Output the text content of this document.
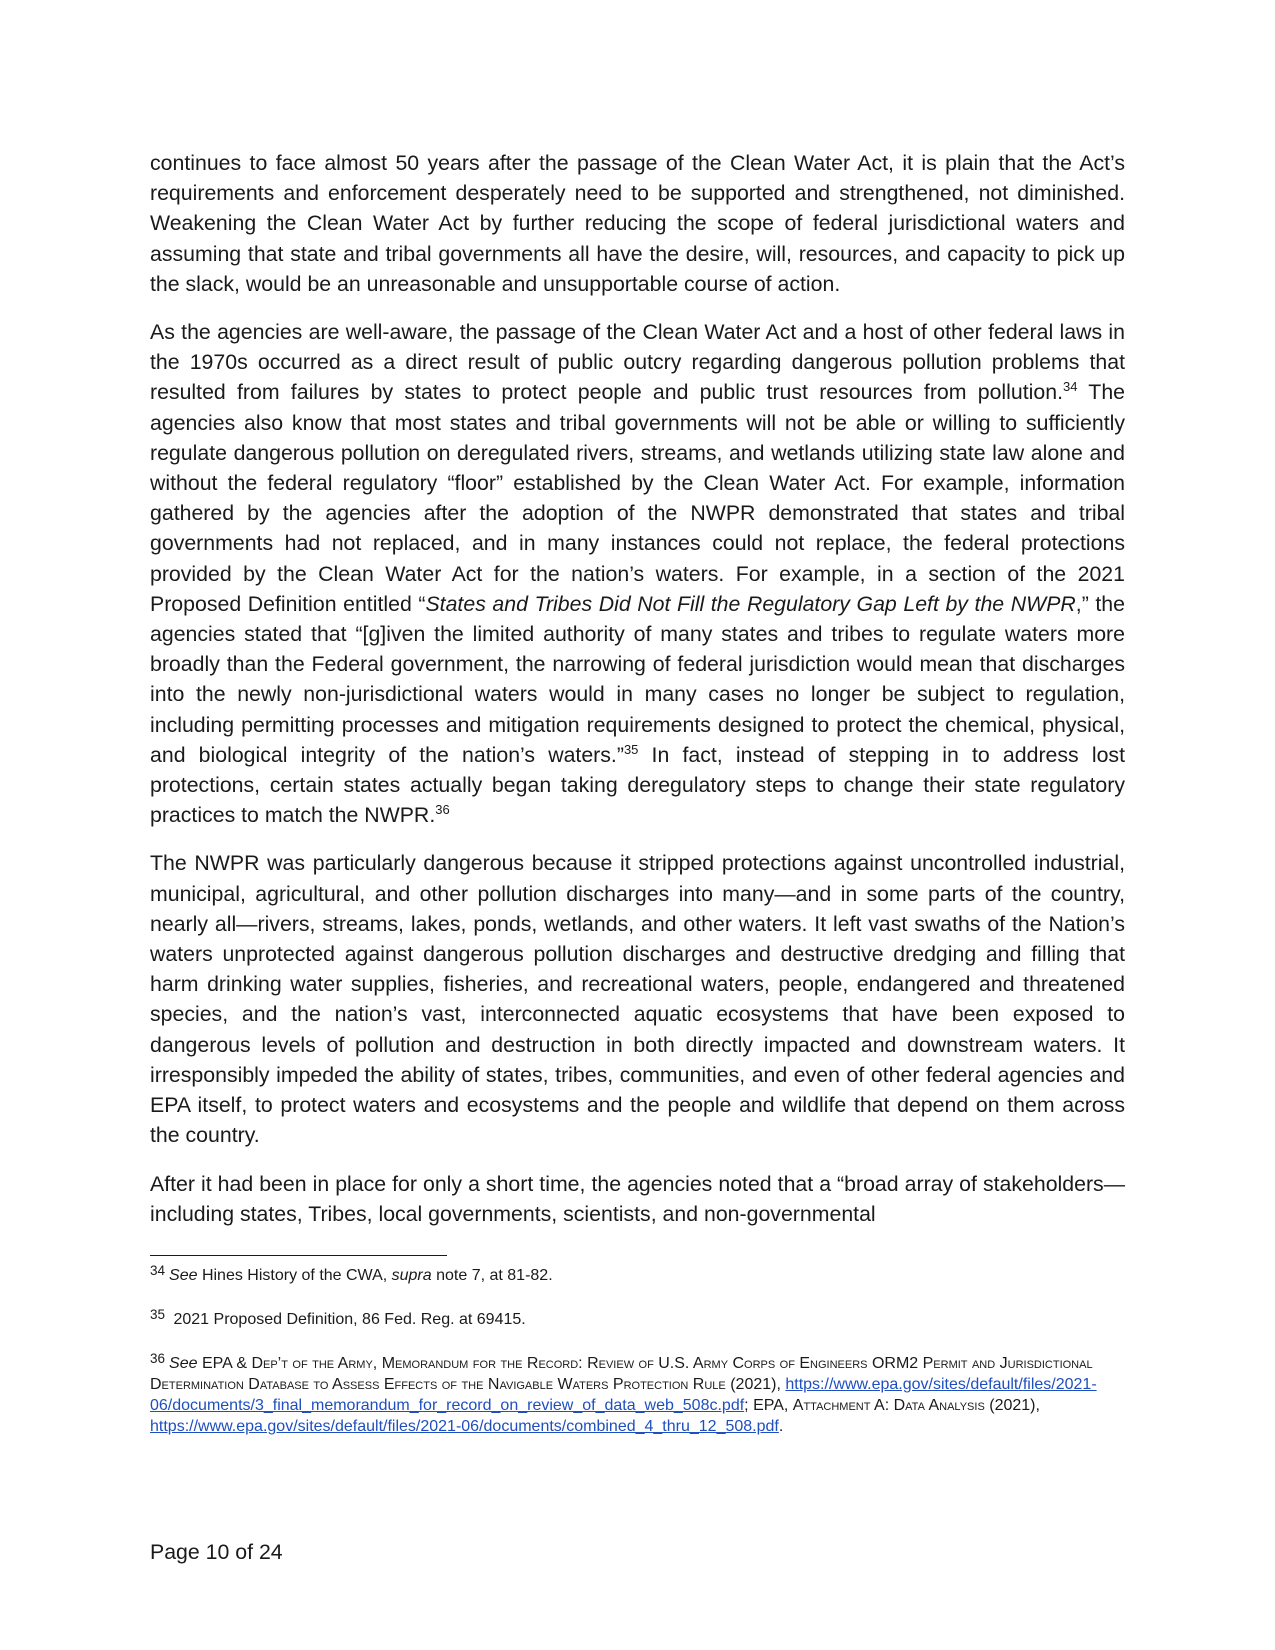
continues to face almost 50 years after the passage of the Clean Water Act, it is plain that the Act’s requirements and enforcement desperately need to be supported and strengthened, not diminished. Weakening the Clean Water Act by further reducing the scope of federal jurisdictional waters and assuming that state and tribal governments all have the desire, will, resources, and capacity to pick up the slack, would be an unreasonable and unsupportable course of action.

As the agencies are well-aware, the passage of the Clean Water Act and a host of other federal laws in the 1970s occurred as a direct result of public outcry regarding dangerous pollution problems that resulted from failures by states to protect people and public trust resources from pollution.$^{34}$ The agencies also know that most states and tribal governments will not be able or willing to sufficiently regulate dangerous pollution on deregulated rivers, streams, and wetlands utilizing state law alone and without the federal regulatory “floor” established by the Clean Water Act. For example, information gathered by the agencies after the adoption of the NWPR demonstrated that states and tribal governments had not replaced, and in many instances could not replace, the federal protections provided by the Clean Water Act for the nation’s waters. For example, in a section of the 2021 Proposed Definition entitled “States and Tribes Did Not Fill the Regulatory Gap Left by the NWPR,” the agencies stated that “[g]iven the limited authority of many states and tribes to regulate waters more broadly than the Federal government, the narrowing of federal jurisdiction would mean that discharges into the newly non-jurisdictional waters would in many cases no longer be subject to regulation, including permitting processes and mitigation requirements designed to protect the chemical, physical, and biological integrity of the nation’s waters.”$^{35}$ In fact, instead of stepping in to address lost protections, certain states actually began taking deregulatory steps to change their state regulatory practices to match the NWPR.$^{36}$

The NWPR was particularly dangerous because it stripped protections against uncontrolled industrial, municipal, agricultural, and other pollution discharges into many—and in some parts of the country, nearly all—rivers, streams, lakes, ponds, wetlands, and other waters. It left vast swaths of the Nation’s waters unprotected against dangerous pollution discharges and destructive dredging and filling that harm drinking water supplies, fisheries, and recreational waters, people, endangered and threatened species, and the nation’s vast, interconnected aquatic ecosystems that have been exposed to dangerous levels of pollution and destruction in both directly impacted and downstream waters. It irresponsibly impeded the ability of states, tribes, communities, and even of other federal agencies and EPA itself, to protect waters and ecosystems and the people and wildlife that depend on them across the country.

After it had been in place for only a short time, the agencies noted that a “broad array of stakeholders—including states, Tribes, local governments, scientists, and non-governmental

$^{34}$ See Hines History of the CWA, supra note 7, at 81-82.

$^{35}$ 2021 Proposed Definition, 86 Fed. Reg. at 69415.

$^{36}$ See EPA & Dep’t of the Army, Memorandum for the Record: Review of U.S. Army Corps of Engineers ORM2 Permit and Jurisdictional Determination Database to Assess Effects of the Navigable Waters Protection Rule (2021), https://www.epa.gov/sites/default/files/2021-06/documents/3_final_memorandum_for_record_on_review_of_data_web_508c.pdf; EPA, Attachment A: Data Analysis (2021), https://www.epa.gov/sites/default/files/2021-06/documents/combined_4_thru_12_508.pdf.

Page 10 of 24
